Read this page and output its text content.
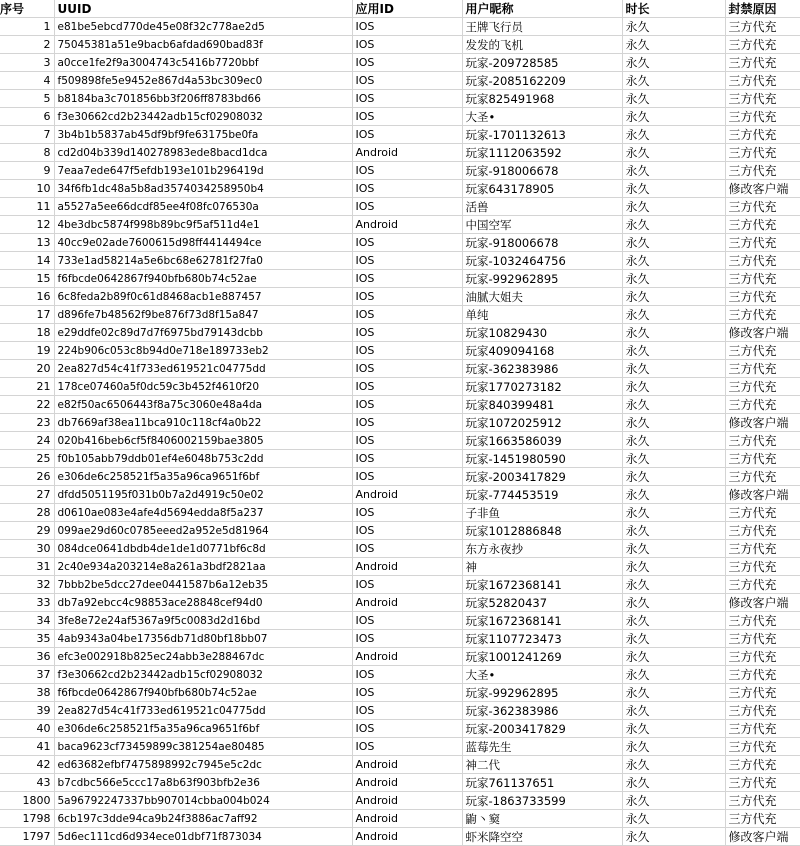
序号	UUID	应用ID	用户昵称	时长	封禁原因
1	e81be5ebcd770de45e08f32c778ae2d5	IOS	王牌飞行员	永久	三方代充
2	75045381a51e9bacb6afdad690bad83f	IOS	发发的飞机	永久	三方代充
3	a0cce1fe2f9a3004743c5416b7720bbf	IOS	玩家-209728585	永久	三方代充
4	f509898fe5e9452e867d4a53bc309ec0	IOS	玩家-2085162209	永久	三方代充
5	b8184ba3c701856bb3f206ff8783bd66	IOS	玩家825491968	永久	三方代充
6	f3e30662cd2b23442adb15cf02908032	IOS	大圣•	永久	三方代充
7	3b4b1b5837ab45df9bf9fe63175be0fa	IOS	玩家-1701132613	永久	三方代充
8	cd2d04b339d140278983ede8bacd1dca	Android	玩家1112063592	永久	三方代充
9	7eaa7ede647f5efdb193e101b296419d	IOS	玩家-918006678	永久	三方代充
10	34f6fb1dc48a5b8ad3574034258950b4	IOS	玩家643178905	永久	修改客户端
11	a5527a5ee66dcdf85ee4f08fc076530a	IOS	活兽	永久	三方代充
12	4be3dbc5874f998b89bc9f5af511d4e1	Android	中国空军	永久	三方代充
13	40cc9e02ade7600615d98ff4414494ce	IOS	玩家-918006678	永久	三方代充
14	733e1ad58214a5e6bc68e62781f27fa0	IOS	玩家-1032464756	永久	三方代充
15	f6fbcde0642867f940bfb680b74c52ae	IOS	玩家-992962895	永久	三方代充
16	6c8feda2b89f0c61d8468acb1e887457	IOS	油腻大姐夫	永久	三方代充
17	d896fe7b48562f9be876f73d8f15a847	IOS	单纯	永久	三方代充
18	e29ddfe02c89d7d7f6975bd79143dcbb	IOS	玩家10829430	永久	修改客户端
19	224b906c053c8b94d0e718e189733eb2	IOS	玩家409094168	永久	三方代充
20	2ea827d54c41f733ed619521c04775dd	IOS	玩家-362383986	永久	三方代充
21	178ce07460a5f0dc59c3b452f4610f20	IOS	玩家1770273182	永久	三方代充
22	e82f50ac6506443f8a75c3060e48a4da	IOS	玩家840399481	永久	三方代充
23	db7669af38ea11bca910c118cf4a0b22	IOS	玩家1072025912	永久	修改客户端
24	020b416beb6cf5f8406002159bae3805	IOS	玩家1663586039	永久	三方代充
25	f0b105abb79ddb01ef4e6048b753c2dd	IOS	玩家-1451980590	永久	三方代充
26	e306de6c258521f5a35a96ca9651f6bf	IOS	玩家-2003417829	永久	三方代充
27	dfdd5051195f031b0b7a2d4919c50e02	Android	玩家-774453519	永久	修改客户端
28	d0610ae083e4afe4d5694edda8f5a237	IOS	子非鱼	永久	三方代充
29	099ae29d60c0785eeed2a952e5d81964	IOS	玩家1012886848	永久	三方代充
30	084dce0641dbdb4de1de1d0771bf6c8d	IOS	东方永夜抄	永久	三方代充
31	2c40e934a203214e8a261a3bdf2821aa	Android	神	永久	三方代充
32	7bbb2be5dcc27dee0441587b6a12eb35	IOS	玩家1672368141	永久	三方代充
33	db7a92ebcc4c98853ace28848cef94d0	Android	玩家52820437	永久	修改客户端
34	3fe8e72e24af5367a9f5c0083d2d16bd	IOS	玩家1672368141	永久	三方代充
35	4ab9343a04be17356db71d80bf18bb07	IOS	玩家1107723473	永久	三方代充
36	efc3e002918b825ec24abb3e288467dc	Android	玩家1001241269	永久	三方代充
37	f3e30662cd2b23442adb15cf02908032	IOS	大圣•	永久	三方代充
38	f6fbcde0642867f940bfb680b74c52ae	IOS	玩家-992962895	永久	三方代充
39	2ea827d54c41f733ed619521c04775dd	IOS	玩家-362383986	永久	三方代充
40	e306de6c258521f5a35a96ca9651f6bf	IOS	玩家-2003417829	永久	三方代充
41	baca9623cf73459899c381254ae80485	IOS	蓝莓先生	永久	三方代充
42	ed63682efbf7475898992c7945e5c2dc	Android	神二代	永久	三方代充
43	b7cdbc566e5ccc17a8b63f903bfb2e36	Android	玩家761137651	永久	三方代充
1800	5a96792247337bb907014cbba004b024	Android	玩家-1863733599	永久	三方代充
1798	6cb197c3dde94ca9b24f3886ac7aff92	Android	鼩丶窫	永久	三方代充
1797	5d6ec111cd6d934ece01dbf71f873034	Android	虾米降空空	永久	修改客户端
